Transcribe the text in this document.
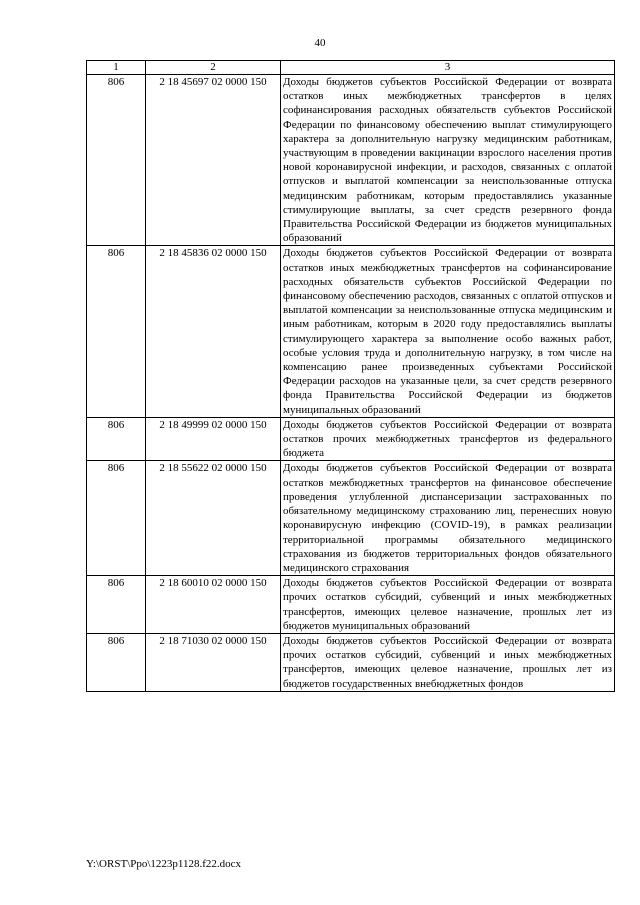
40
1	2	3
806	2 18 45697 02 0000 150	Доходы бюджетов субъектов Российской Федерации от возврата остатков иных межбюджетных трансфертов в целях софинансирования расходных обязательств субъектов Российской Федерации по финансовому обеспечению выплат стимулирующего характера за дополнительную нагрузку медицинским работникам, участвующим в проведении вакцинации взрослого населения против новой коронавирусной инфекции, и расходов, связанных с оплатой отпусков и выплатой компенсации за неиспользованные отпуска медицинским работникам, которым предоставлялись указанные стимулирующие выплаты, за счет средств резервного фонда Правительства Российской Федерации из бюджетов муниципальных образований
806	2 18 45836 02 0000 150	Доходы бюджетов субъектов Российской Федерации от возврата остатков иных межбюджетных трансфертов на софинансирование расходных обязательств субъектов Российской Федерации по финансовому обеспечению расходов, связанных с оплатой отпусков и выплатой компенсации за неиспользованные отпуска медицинским и иным работникам, которым в 2020 году предоставлялись выплаты стимулирующего характера за выполнение особо важных работ, особые условия труда и дополнительную нагрузку, в том числе на компенсацию ранее произведенных субъектами Российской Федерации расходов на указанные цели, за счет средств резервного фонда Правительства Российской Федерации из бюджетов муниципальных образований
806	2 18 49999 02 0000 150	Доходы бюджетов субъектов Российской Федерации от возврата остатков прочих межбюджетных трансфертов из федерального бюджета
806	2 18 55622 02 0000 150	Доходы бюджетов субъектов Российской Федерации от возврата остатков межбюджетных трансфертов на финансовое обеспечение проведения углубленной диспансеризации застрахованных по обязательному медицинскому страхованию лиц, перенесших новую коронавирусную инфекцию (COVID-19), в рамках реализации территориальной программы обязательного медицинского страхования из бюджетов территориальных фондов обязательного медицинского страхования
806	2 18 60010 02 0000 150	Доходы бюджетов субъектов Российской Федерации от возврата прочих остатков субсидий, субвенций и иных межбюджетных трансфертов, имеющих целевое назначение, прошлых лет из бюджетов муниципальных образований
806	2 18 71030 02 0000 150	Доходы бюджетов субъектов Российской Федерации от возврата прочих остатков субсидий, субвенций и иных межбюджетных трансфертов, имеющих целевое назначение, прошлых лет из бюджетов государственных внебюджетных фондов
Y:\ORST\Ppo\1223p1128.f22.docx
